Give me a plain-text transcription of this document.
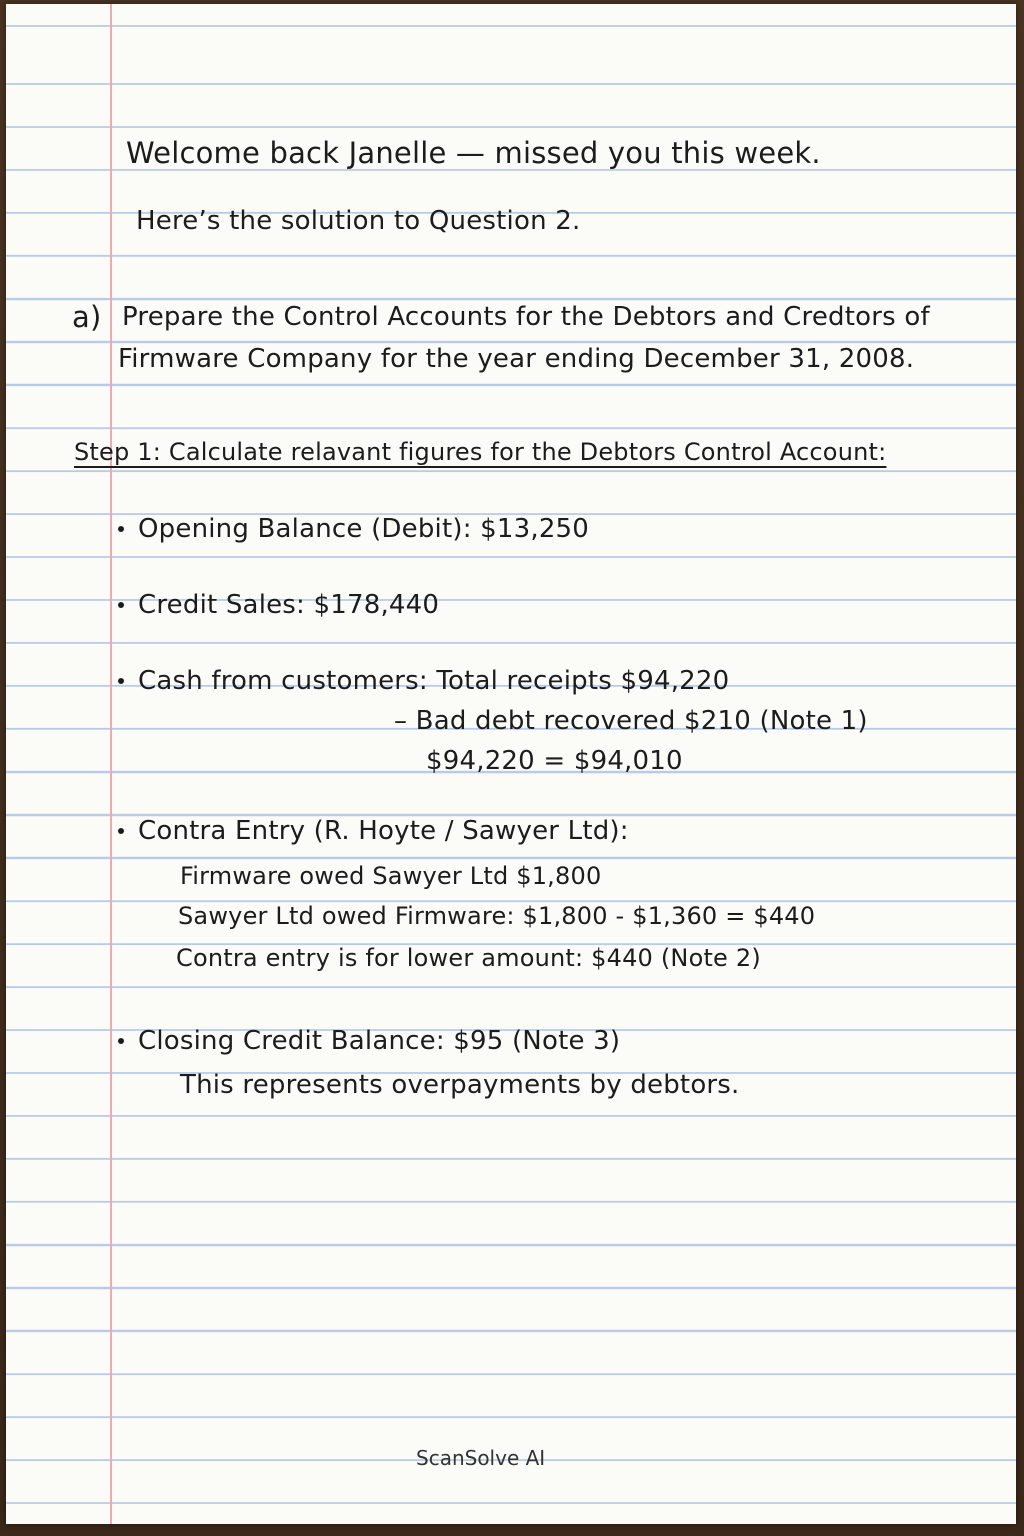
Welcome back Janelle — missed you this week.
Here’s the solution to Question 2.
a) Prepare the Control Accounts for the Debtors and Credtors of
Firmware Company for the year ending December 31, 2008.
Step 1: Calculate relavant figures for the Debtors Control Account:
Opening Balance (Debit): $13,250
Credit Sales: $178,440
Cash from customers: Total receipts $94,220
– Bad debt recovered $210 (Note 1)
$94,220 = $94,010
Contra Entry (R. Hoyte / Sawyer Ltd):
Firmware owed Sawyer Ltd $1,800
Sawyer Ltd owed Firmware: $1,800 - $1,360 = $440
Contra entry is for lower amount: $440 (Note 2)
Closing Credit Balance: $95 (Note 3)
This represents overpayments by debtors.
ScanSolve AI
